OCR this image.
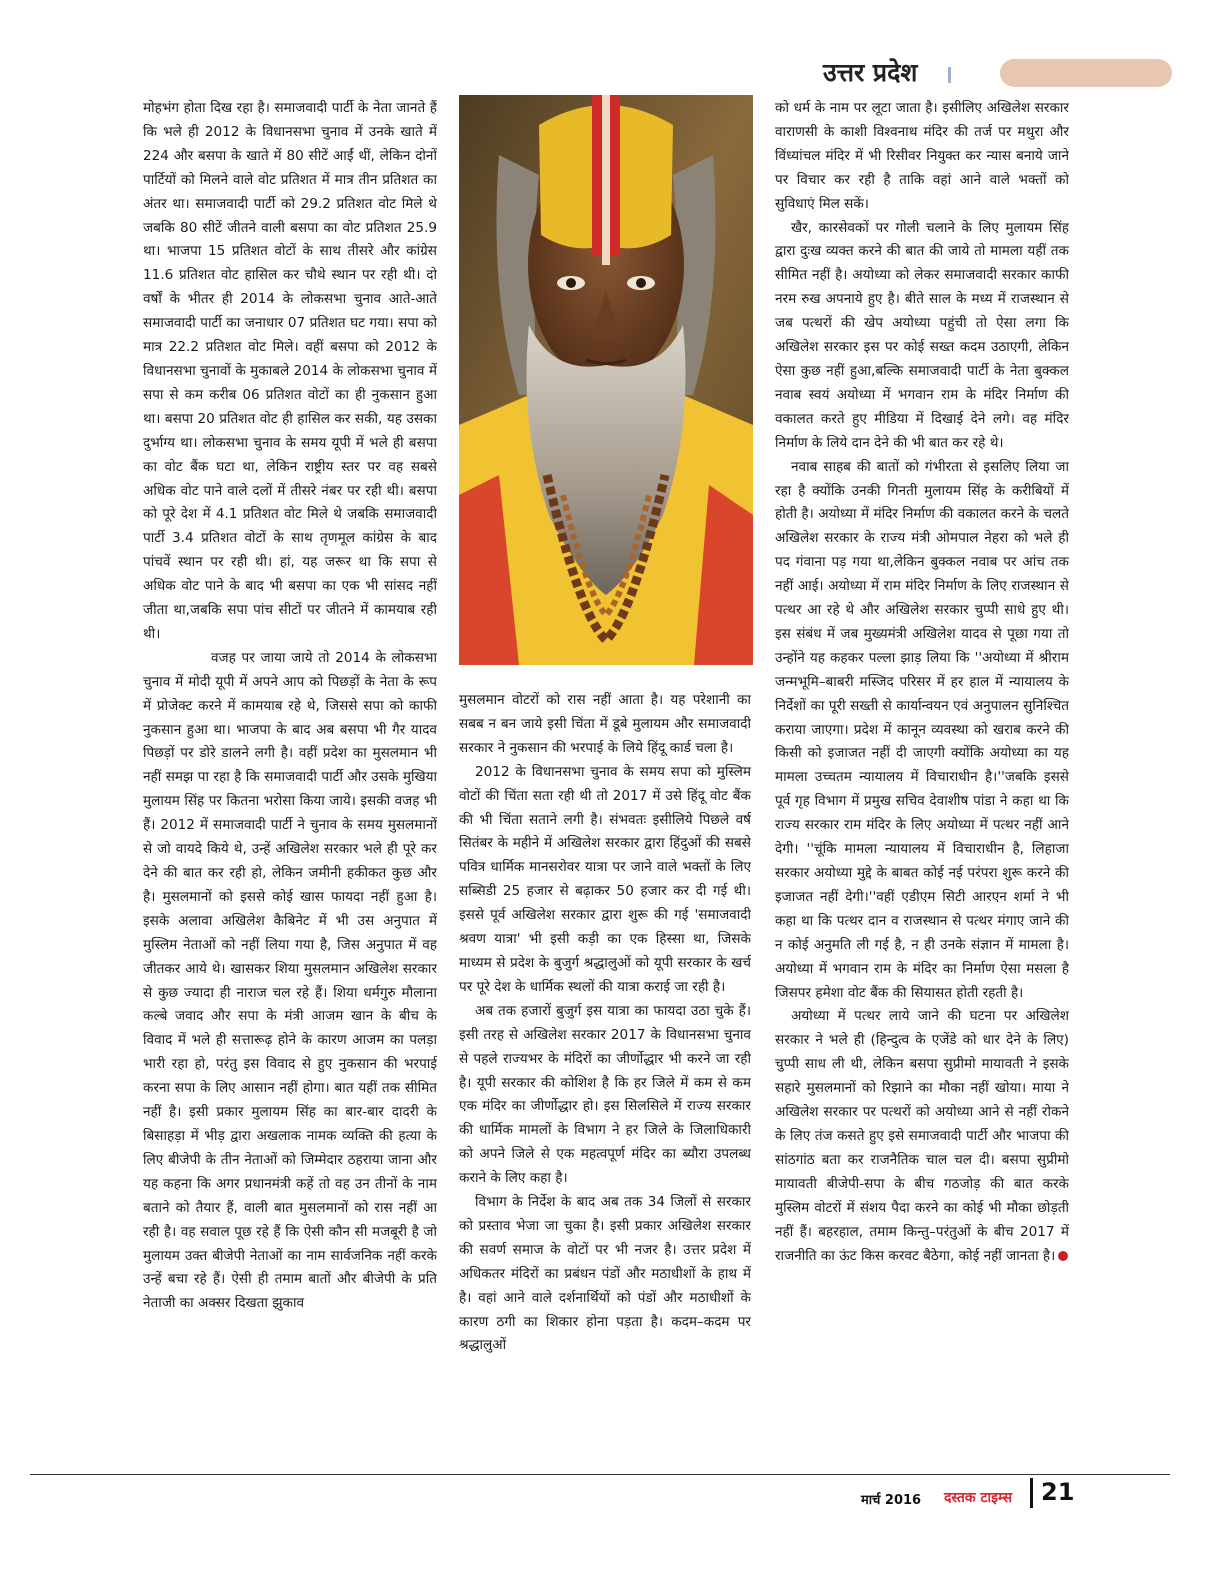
उत्तर प्रदेश

मोहभंग होता दिख रहा है। समाजवादी पार्टी के नेता जानते हैं कि भले ही 2012 के विधानसभा चुनाव में उनके खाते में 224 और बसपा के खाते में 80 सीटें आईं थीं, लेकिन दोनों पार्टियों को मिलने वाले वोट प्रतिशत में मात्र तीन प्रतिशत का अंतर था। समाजवादी पार्टी को 29.2 प्रतिशत वोट मिले थे जबकि 80 सीटें जीतने वाली बसपा का वोट प्रतिशत 25.9 था। भाजपा 15 प्रतिशत वोटों के साथ तीसरे और कांग्रेस 11.6 प्रतिशत वोट हासिल कर चौथे स्थान पर रही थी। दो वर्षों के भीतर ही 2014 के लोकसभा चुनाव आते-आते समाजवादी पार्टी का जनाधार 07 प्रतिशत घट गया। सपा को मात्र 22.2 प्रतिशत वोट मिले। वहीं बसपा को 2012 के विधानसभा चुनावों के मुकाबले 2014 के लोकसभा चुनाव में सपा से कम करीब 06 प्रतिशत वोटों का ही नुकसान हुआ था। बसपा 20 प्रतिशत वोट ही हासिल कर सकी, यह उसका दुर्भाग्य था। लोकसभा चुनाव के समय यूपी में भले ही बसपा का वोट बैंक घटा था, लेकिन राष्ट्रीय स्तर पर वह सबसे अधिक वोट पाने वाले दलों में तीसरे नंबर पर रही थी। बसपा को पूरे देश में 4.1 प्रतिशत वोट मिले थे जबकि समाजवादी पार्टी 3.4 प्रतिशत वोटों के साथ तृणमूल कांग्रेस के बाद पांचवें स्थान पर रही थी। हां, यह जरूर था कि सपा से अधिक वोट पाने के बाद भी बसपा का एक भी सांसद नहीं जीता था,जबकि सपा पांच सीटों पर जीतने में कामयाब रही थी।

वजह पर जाया जाये तो 2014 के लोकसभा चुनाव में मोदी यूपी में अपने आप को पिछड़ों के नेता के रूप में प्रोजेक्ट करने में कामयाब रहे थे, जिससे सपा को काफी नुकसान हुआ था। भाजपा के बाद अब बसपा भी गैर यादव पिछड़ों पर डोरे डालने लगी है। वहीं प्रदेश का मुसलमान भी नहीं समझ पा रहा है कि समाजवादी पार्टी और उसके मुखिया मुलायम सिंह पर कितना भरोसा किया जाये। इसकी वजह भी हैं। 2012 में समाजवादी पार्टी ने चुनाव के समय मुसलमानों से जो वायदे किये थे, उन्हें अखिलेश सरकार भले ही पूरे कर देने की बात कर रही हो, लेकिन जमीनी हकीकत कुछ और है। मुसलमानों को इससे कोई खास फायदा नहीं हुआ है। इसके अलावा अखिलेश कैबिनेट में भी उस अनुपात में मुस्लिम नेताओं को नहीं लिया गया है, जिस अनुपात में वह जीतकर आये थे। खासकर शिया मुसलमान अखिलेश सरकार से कुछ ज्यादा ही नाराज चल रहे हैं। शिया धर्मगुरु मौलाना कल्बे जवाद और सपा के मंत्री आजम खान के बीच के विवाद में भले ही सत्तारूढ़ होने के कारण आजम का पलड़ा भारी रहा हो, परंतु इस विवाद से हुए नुकसान की भरपाई करना सपा के लिए आसान नहीं होगा। बात यहीं तक सीमित नहीं है। इसी प्रकार मुलायम सिंह का बार-बार दादरी के बिसाहड़ा में भीड़ द्वारा अखलाक नामक व्यक्ति की हत्या के लिए बीजेपी के तीन नेताओं को जिम्मेदार ठहराया जाना और यह कहना कि अगर प्रधानमंत्री कहें तो वह उन तीनों के नाम बताने को तैयार हैं, वाली बात मुसलमानों को रास नहीं आ रही है। वह सवाल पूछ रहे हैं कि ऐसी कौन सी मजबूरी है जो मुलायम उक्त बीजेपी नेताओं का नाम सार्वजनिक नहीं करके उन्हें बचा रहे हैं। ऐसी ही तमाम बातों और बीजेपी के प्रति नेताजी का अक्सर दिखता झुकाव

मुसलमान वोटरों को रास नहीं आता है। यह परेशानी का सबब न बन जाये इसी चिंता में डूबे मुलायम और समाजवादी सरकार ने नुकसान की भरपाई के लिये हिंदू कार्ड चला है।

2012 के विधानसभा चुनाव के समय सपा को मुस्लिम वोटों की चिंता सता रही थी तो 2017 में उसे हिंदू वोट बैंक की भी चिंता सताने लगी है। संभवतः इसीलिये पिछले वर्ष सितंबर के महीने में अखिलेश सरकार द्वारा हिंदुओं की सबसे पवित्र धार्मिक मानसरोवर यात्रा पर जाने वाले भक्तों के लिए सब्सिडी 25 हजार से बढ़ाकर 50 हजार कर दी गई थी। इससे पूर्व अखिलेश सरकार द्वारा शुरू की गई 'समाजवादी श्रवण यात्रा' भी इसी कड़ी का एक हिस्सा था, जिसके माध्यम से प्रदेश के बुजुर्ग श्रद्धालुओं को यूपी सरकार के खर्च पर पूरे देश के धार्मिक स्थलों की यात्रा कराई जा रही है।

अब तक हजारों बुजुर्ग इस यात्रा का फायदा उठा चुके हैं। इसी तरह से अखिलेश सरकार 2017 के विधानसभा चुनाव से पहले राज्यभर के मंदिरों का जीर्णोद्धार भी करने जा रही है। यूपी सरकार की कोशिश है कि हर जिले में कम से कम एक मंदिर का जीर्णोद्धार हो। इस सिलसिले में राज्य सरकार की धार्मिक मामलों के विभाग ने हर जिले के जिलाधिकारी को अपने जिले से एक महत्वपूर्ण मंदिर का ब्यौरा उपलब्ध कराने के लिए कहा है।

विभाग के निर्देश के बाद अब तक 34 जिलों से सरकार को प्रस्ताव भेजा जा चुका है। इसी प्रकार अखिलेश सरकार की सवर्ण समाज के वोटों पर भी नजर है। उत्तर प्रदेश में अधिकतर मंदिरों का प्रबंधन पंडों और मठाधीशों के हाथ में है। वहां आने वाले दर्शनार्थियों को पंडों और मठाधीशों के कारण ठगी का शिकार होना पड़ता है। कदम–कदम पर श्रद्धालुओं

को धर्म के नाम पर लूटा जाता है। इसीलिए अखिलेश सरकार वाराणसी के काशी विश्वनाथ मंदिर की तर्ज पर मथुरा और विंध्यांचल मंदिर में भी रिसीवर नियुक्त कर न्यास बनाये जाने पर विचार कर रही है ताकि वहां आने वाले भक्तों को सुविधाएं मिल सकें।

खैर, कारसेवकों पर गोली चलाने के लिए मुलायम सिंह द्वारा दुःख व्यक्त करने की बात की जाये तो मामला यहीं तक सीमित नहीं है। अयोध्या को लेकर समाजवादी सरकार काफी नरम रुख अपनाये हुए है। बीते साल के मध्य में राजस्थान से जब पत्थरों की खेप अयोध्या पहुंची तो ऐसा लगा कि अखिलेश सरकार इस पर कोई सख्त कदम उठाएगी, लेकिन ऐसा कुछ नहीं हुआ,बल्कि समाजवादी पार्टी के नेता बुक्कल नवाब स्वयं अयोध्या में भगवान राम के मंदिर निर्माण की वकालत करते हुए मीडिया में दिखाई देने लगे। वह मंदिर निर्माण के लिये दान देने की भी बात कर रहे थे।

नवाब साहब की बातों को गंभीरता से इसलिए लिया जा रहा है क्योंकि उनकी गिनती मुलायम सिंह के करीबियों में होती है। अयोध्या में मंदिर निर्माण की वकालत करने के चलते अखिलेश सरकार के राज्य मंत्री ओमपाल नेहरा को भले ही पद गंवाना पड़ गया था,लेकिन बुक्कल नवाब पर आंच तक नहीं आई। अयोध्या में राम मंदिर निर्माण के लिए राजस्थान से पत्थर आ रहे थे और अखिलेश सरकार चुप्पी साधे हुए थी। इस संबंध में जब मुख्यमंत्री अखिलेश यादव से पूछा गया तो उन्होंने यह कहकर पल्ला झाड़ लिया कि ''अयोध्या में श्रीराम जन्मभूमि–बाबरी मस्जिद परिसर में हर हाल में न्यायालय के निर्देशों का पूरी सख्ती से कार्यान्वयन एवं अनुपालन सुनिश्चित कराया जाएगा। प्रदेश में कानून व्यवस्था को खराब करने की किसी को इजाजत नहीं दी जाएगी क्योंकि अयोध्या का यह मामला उच्चतम न्यायालय में विचाराधीन है।''जबकि इससे पूर्व गृह विभाग में प्रमुख सचिव देवाशीष पांडा ने कहा था कि राज्य सरकार राम मंदिर के लिए अयोध्या में पत्थर नहीं आने देगी। ''चूंकि मामला न्यायालय में विचाराधीन है, लिहाजा सरकार अयोध्या मुद्दे के बाबत कोई नई परंपरा शुरू करने की इजाजत नहीं देगी।''वहीं एडीएम सिटी आरएन शर्मा ने भी कहा था कि पत्थर दान व राजस्थान से पत्थर मंगाए जाने की न कोई अनुमति ली गई है, न ही उनके संज्ञान में मामला है। अयोध्या में भगवान राम के मंदिर का निर्माण ऐसा मसला है जिसपर हमेशा वोट बैंक की सियासत होती रहती है।

अयोध्या में पत्थर लाये जाने की घटना पर अखिलेश सरकार ने भले ही (हिन्दुत्व के एजेंडे को धार देने के लिए) चुप्पी साध ली थी, लेकिन बसपा सुप्रीमो मायावती ने इसके सहारे मुसलमानों को रिझाने का मौका नहीं खोया। माया ने अखिलेश सरकार पर पत्थरों को अयोध्या आने से नहीं रोकने के लिए तंज कसते हुए इसे समाजवादी पार्टी और भाजपा की सांठगांठ बता कर राजनैतिक चाल चल दी। बसपा सुप्रीमो मायावती बीजेपी-सपा के बीच गठजोड़ की बात करके मुस्लिम वोटरों में संशय पैदा करने का कोई भी मौका छोड़ती नहीं हैं। बहरहाल, तमाम किन्तु–परंतुओं के बीच 2017 में राजनीति का ऊंट किस करवट बैठेगा, कोई नहीं जानता है।

मार्च 2016 दस्तक टाइम्स 21
